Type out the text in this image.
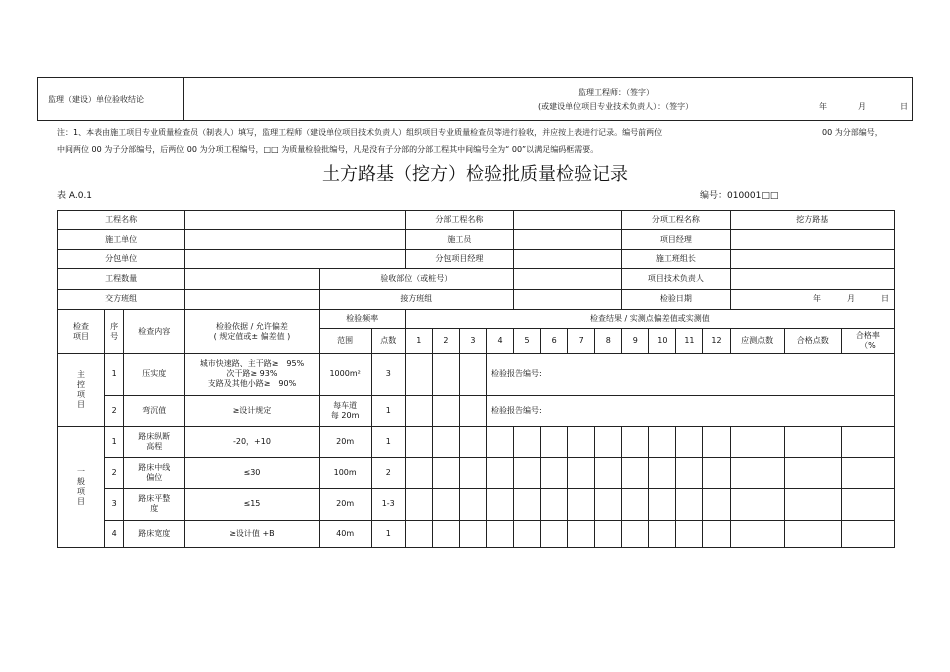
监理（建设）单位验收结论
监理工程师：（签字）
(或建设单位项目专业技术负责人）：（签字）	年	月	日
注：1、本表由施工项目专业质量检查员（制表人）填写，监理工程师（建设单位项目技术负责人）组织项目专业质量检查员等进行验收，并应按上表进行记录。编号前两位	00 为分部编号，
中间两位 00 为子分部编号，后两位 00 为分项工程编号，□□ 为质量检验批编号，凡是没有子分部的分部工程其中间编号全为“ 00”以满足编码框需要。
土方路基（挖方）检验批质量检验记录
表 A.0.1	编号：010001□□
工程名称						分部工程名称								分项工程名称				挖方路基		
施工单位						施工员								项目经理						
分包单位						分包项目经理								施工班组长						
工程数量				验收部位（或桩号）										项目技术负责人						
交方班组				接方班组										检验日期				年 月 日		
检查
项目	序
号	检查内容	检验依据 / 允许偏差
( 规定值或± 偏差值 )	检验频率		检查结果 / 实测点偏差值或实测值														
				范围	点数	1	2	3	4	5	6	7	8	9	10	11	12	应测点数	合格点数	合格率
（%
主
控
项
目	1	压实度	城市快速路、主干路≥　95%
次干路≥ 93%
支路及其他小路≥　90%	1000m²	3				检验报告编号:											
	2	弯沉值	≥设计规定	每车道
每 20m	1				检验报告编号:											
一
般
项
目	1	路床纵断
高程	-20，+10	20m	1															
	2	路床中线
偏位	≤30	100m	2															
	3	路床平整
度	≤15	20m	1-3															
	4	路床宽度	≥设计值 +B	40m	1															
